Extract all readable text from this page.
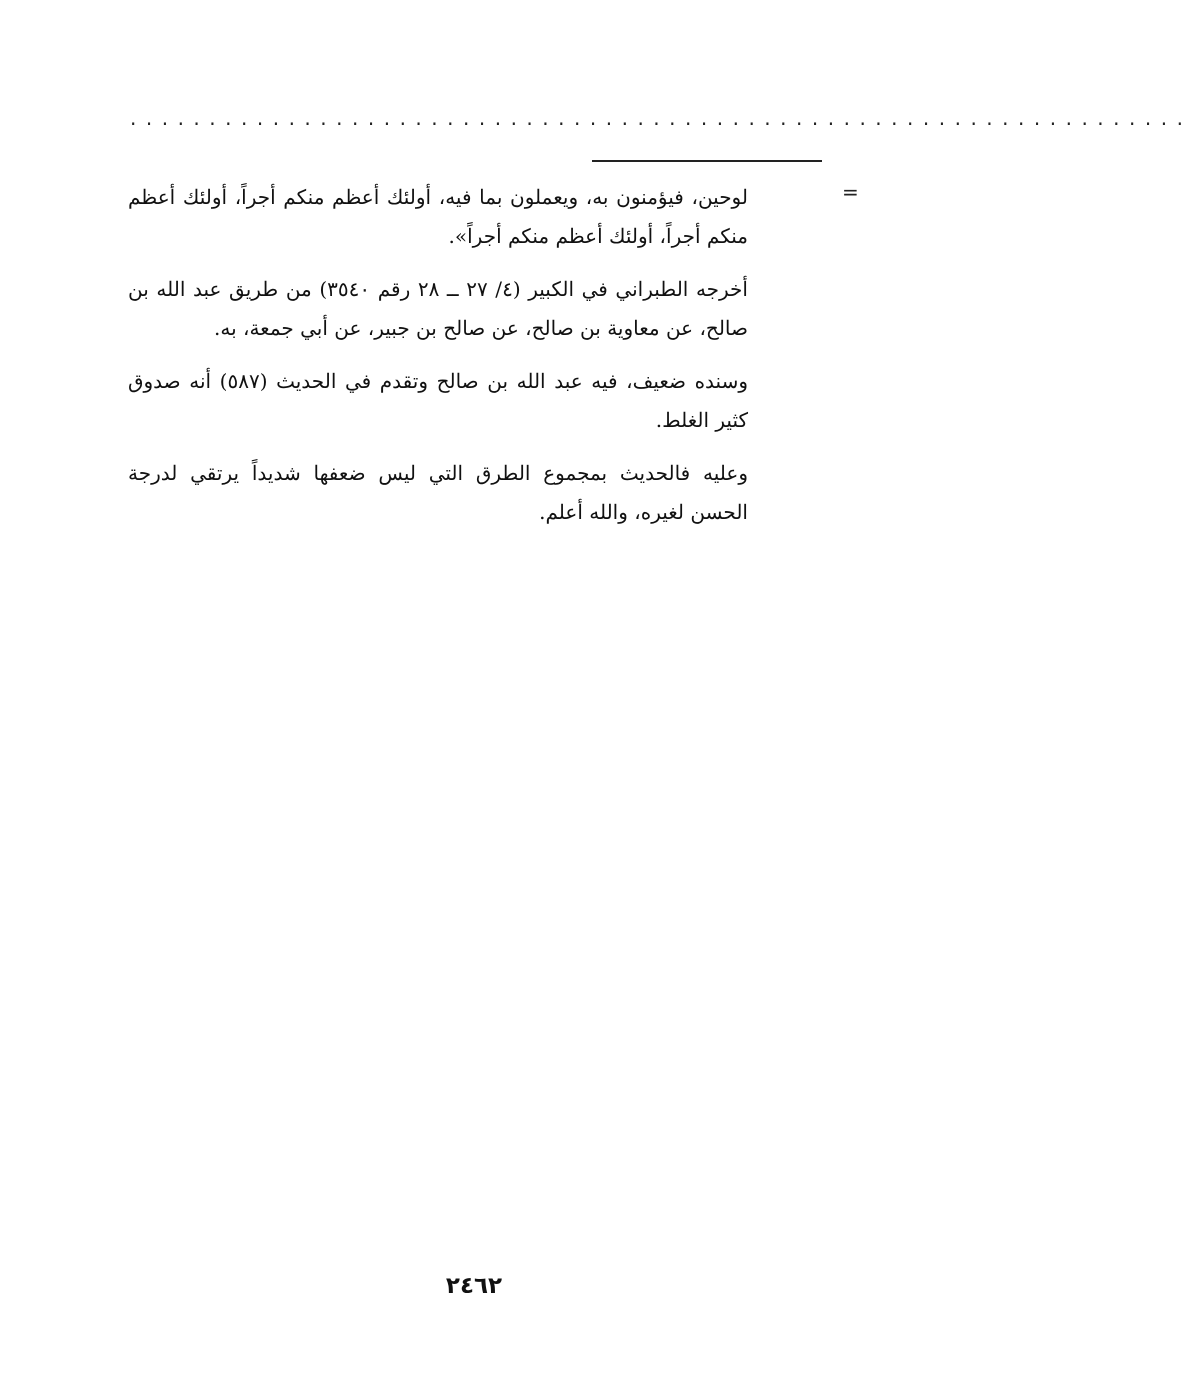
...................................................................
=

لوحين، فيؤمنون به، ويعملون بما فيه، أولئك أعظم منكم أجراً، أولئك أعظم منكم أجراً، أولئك أعظم منكم أجراً».

أخرجه الطبراني في الكبير (٤/ ٢٧ ــ ٢٨ رقم ٣٥٤٠) من طريق عبد الله بن صالح، عن معاوية بن صالح، عن صالح بن جبير، عن أبي جمعة، به.

وسنده ضعيف، فيه عبد الله بن صالح وتقدم في الحديث (٥٨٧) أنه صدوق كثير الغلط.

وعليه فالحديث بمجموع الطرق التي ليس ضعفها شديداً يرتقي لدرجة الحسن لغيره، والله أعلم.

٢٤٦٢
